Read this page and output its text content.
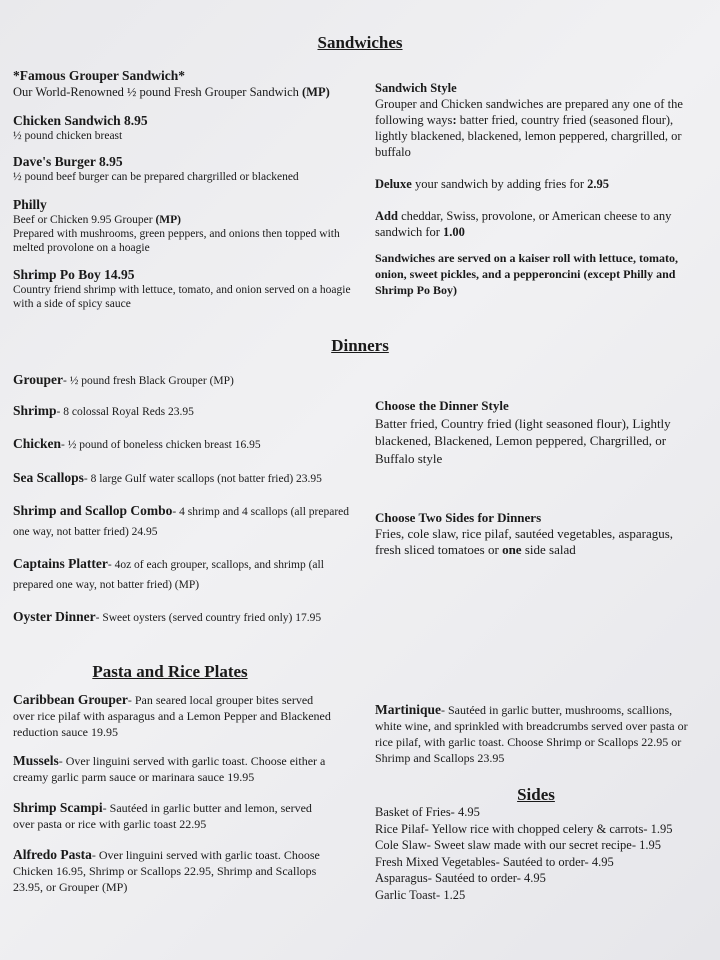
Sandwiches
*Famous Grouper Sandwich*
Our World-Renowned ½ pound Fresh Grouper Sandwich (MP)
Chicken Sandwich 8.95
½ pound chicken breast
Dave's Burger 8.95
½ pound beef burger can be prepared chargrilled or blackened
Philly
Beef or Chicken 9.95 Grouper (MP)
Prepared with mushrooms, green peppers, and onions then topped with melted provolone on a hoagie
Shrimp Po Boy 14.95
Country friend shrimp with lettuce, tomato, and onion served on a hoagie with a side of spicy sauce
Sandwich Style
Grouper and Chicken sandwiches are prepared any one of the following ways: batter fried, country fried (seasoned flour), lightly blackened, blackened, lemon peppered, chargrilled, or buffalo
Deluxe your sandwich by adding fries for 2.95
Add cheddar, Swiss, provolone, or American cheese to any sandwich for 1.00
Sandwiches are served on a kaiser roll with lettuce, tomato, onion, sweet pickles, and a pepperoncini (except Philly and Shrimp Po Boy)
Dinners
Grouper- ½ pound fresh Black Grouper (MP)
Shrimp- 8 colossal Royal Reds 23.95
Chicken- ½ pound of boneless chicken breast 16.95
Sea Scallops- 8 large Gulf water scallops (not batter fried) 23.95
Shrimp and Scallop Combo- 4 shrimp and 4 scallops (all prepared one way, not batter fried) 24.95
Captains Platter- 4oz of each grouper, scallops, and shrimp (all prepared one way, not batter fried) (MP)
Oyster Dinner- Sweet oysters (served country fried only) 17.95
Choose the Dinner Style
Batter fried, Country fried (light seasoned flour), Lightly blackened, Blackened, Lemon peppered, Chargrilled, or Buffalo style
Choose Two Sides for Dinners
Fries, cole slaw, rice pilaf, sautéed vegetables, asparagus, fresh sliced tomatoes or one side salad
Pasta and Rice Plates
Caribbean Grouper- Pan seared local grouper bites served over rice pilaf with asparagus and a Lemon Pepper and Blackened reduction sauce 19.95
Mussels- Over linguini served with garlic toast. Choose either a creamy garlic parm sauce or marinara sauce 19.95
Shrimp Scampi- Sautéed in garlic butter and lemon, served over pasta or rice with garlic toast 22.95
Alfredo Pasta- Over linguini served with garlic toast. Choose Chicken 16.95, Shrimp or Scallops 22.95, Shrimp and Scallops 23.95, or Grouper (MP)
Martinique- Sautéed in garlic butter, mushrooms, scallions, white wine, and sprinkled with breadcrumbs served over pasta or rice pilaf, with garlic toast. Choose Shrimp or Scallops 22.95 or Shrimp and Scallops 23.95
Sides
Basket of Fries- 4.95
Rice Pilaf- Yellow rice with chopped celery & carrots- 1.95
Cole Slaw- Sweet slaw made with our secret recipe- 1.95
Fresh Mixed Vegetables- Sautéed to order- 4.95
Asparagus- Sautéed to order- 4.95
Garlic Toast- 1.25
